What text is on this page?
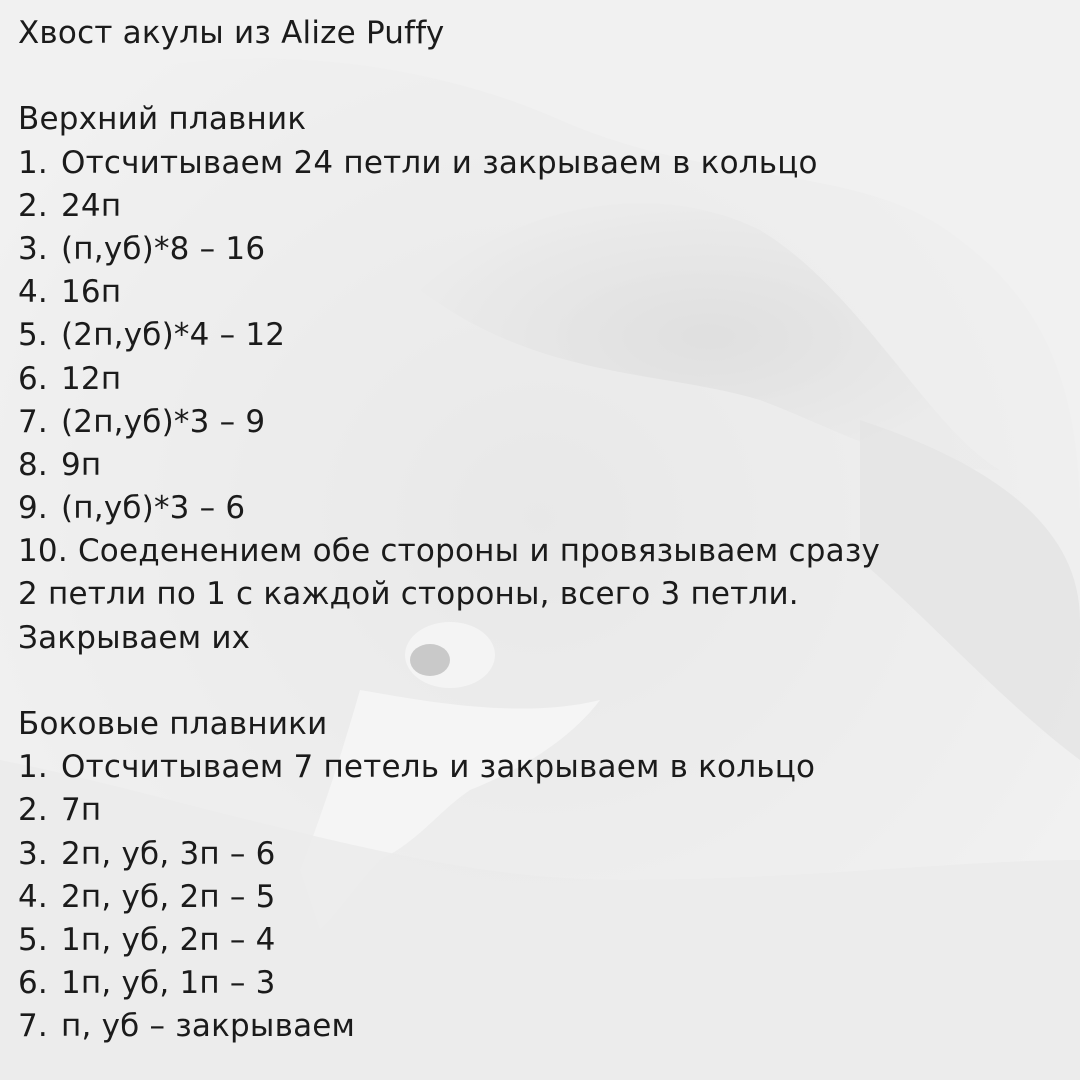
Хвост акулы из Alize Puffy
Верхний плавник
1. Отсчитываем 24 петли и закрываем в кольцо
2. 24п
3. (п,уб)*8 – 16
4. 16п
5. (2п,уб)*4 – 12
6. 12п
7. (2п,уб)*3 – 9
8. 9п
9. (п,уб)*3 – 6
10. Соеденением обе стороны и провязываем сразу
2 петли по 1 с каждой стороны, всего 3 петли.
Закрываем их
Боковые плавники
1. Отсчитываем 7 петель и закрываем в кольцо
2. 7п
3. 2п, уб, 3п – 6
4. 2п, уб, 2п – 5
5. 1п, уб, 2п – 4
6. 1п, уб, 1п – 3
7. п, уб – закрываем
